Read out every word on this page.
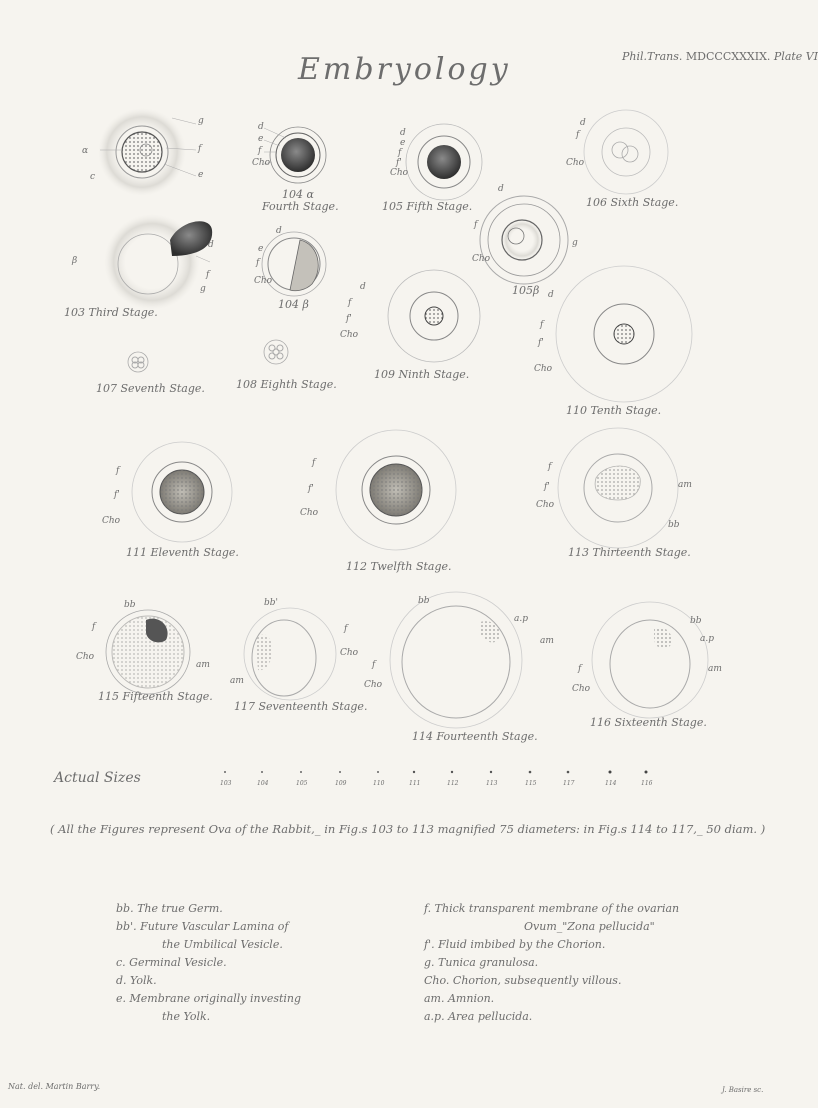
Embryology	Phil.Trans. MDCCCXXXIX. Plate VI
103 Third Stage.
104 α
Fourth Stage.
104 β
105 Fifth Stage.
105β
106 Sixth Stage.
107 Seventh Stage.	108 Eighth Stage.
109 Ninth Stage.
110 Tenth Stage.
111 Eleventh Stage.
112 Twelfth Stage.
113 Thirteenth Stage.
114 Fourteenth Stage.
115 Fifteenth Stage.
116 Sixteenth Stage.
117 Seventeenth Stage.
α
c
g
f
e
β
d
f
g
d
e
f
Cho
d
e
f
Cho
d
e
f
f'
Cho
d
f
Cho
g
d
f
Cho
d
f
f'
Cho
d
f
f'
Cho
f
f'
Cho
f
f'
Cho
f
f'
Cho
am
bb
bb
a.p
am
f
Cho
bb
f
Cho
am
bb
a.p
am
f
Cho
bb'
f
Cho
am
Actual Sizes	103	104	105	109	110	111	112	113	115	117	114	116
( All the Figures represent Ova of the Rabbit,_ in Fig.s 103 to 113 magnified 75 diameters: in Fig.s 114 to 117,_ 50 diam. )
bb. The true Germ.
bb'. Future Vascular Lamina of
the Umbilical Vesicle.
c. Germinal Vesicle.
d. Yolk.
e. Membrane originally investing
the Yolk.
f. Thick transparent membrane of the ovarian
Ovum_"Zona pellucida"
f'. Fluid imbibed by the Chorion.
g. Tunica granulosa.
Cho. Chorion, subsequently villous.
am. Amnion.
a.p. Area pellucida.
Nat. del. Martin Barry.	J. Basire sc.
